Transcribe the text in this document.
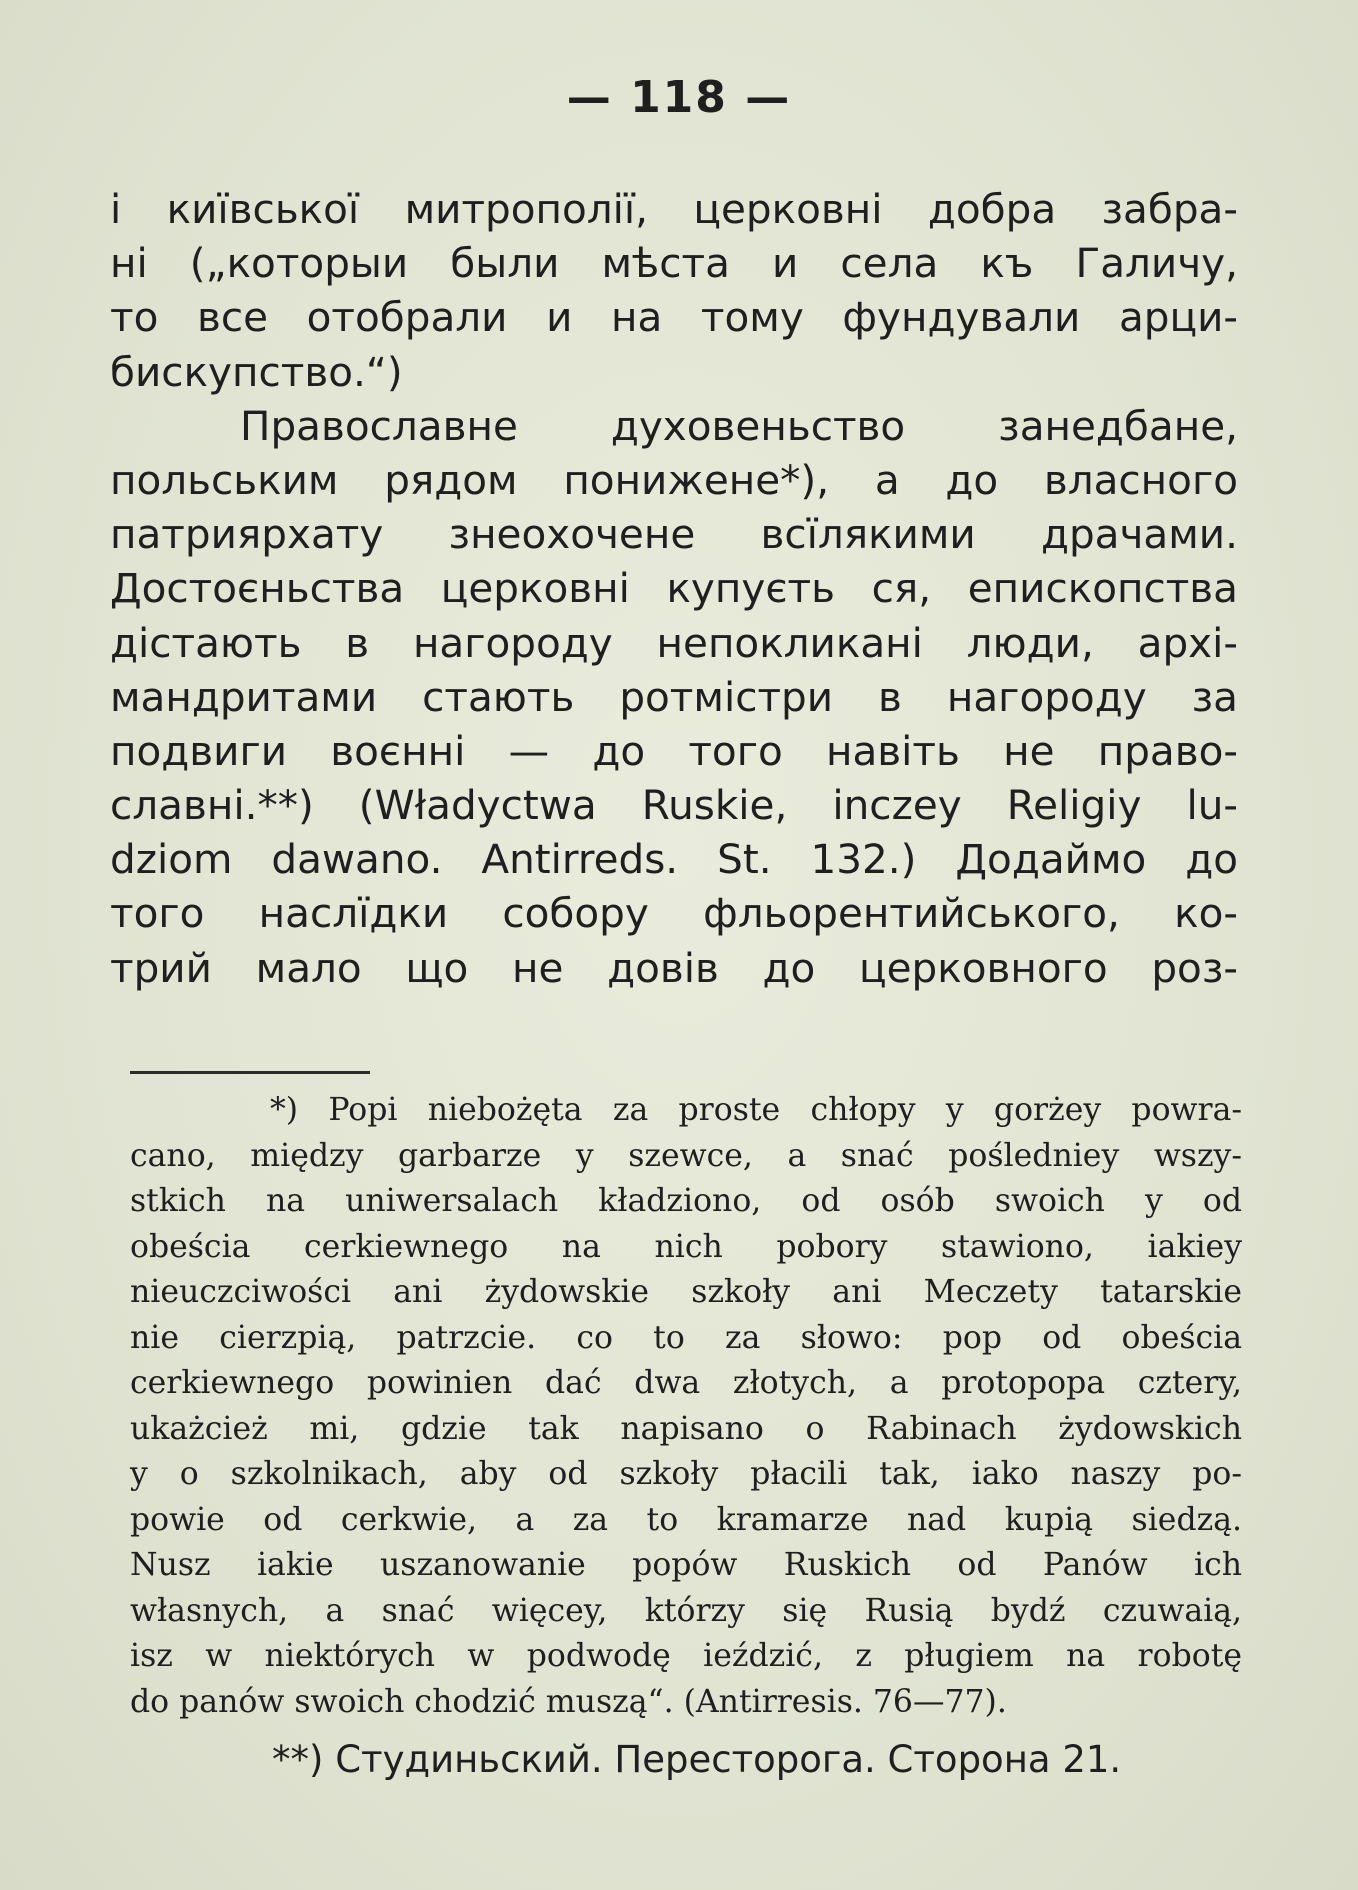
— 118 —
і київської митрополії, церковні добра забра-
ні („которыи были мѣста и села къ Галичу,
то все отобрали и на тому фундували арци-
бискупство.“)
Православне духовеньство занедбане,
польським рядом понижене*), а до власного
патриярхату знеохочене всїлякими драчами.
Достоєньства церковні купуєть ся, епископства
дістають в нагороду непокликані люди, архі-
мандритами стають ротмістри в нагороду за
подвиги воєнні — до того навіть не право-
славні.**) (Władyctwa Ruskie, inczey Religiy lu-
dziom dawano. Antirreds. St. 132.) Додаймо до
того наслїдки собору фльорентийського, ко-
трий мало що не довів до церковного роз-
*) Popi niebożęta za proste chłopy y gorżey powra-
cano, między garbarze y szewce, a snać pośledniey wszy-
stkich na uniwersalach kładziono, od osób swoich y od
obeścia cerkiewnego na nich pobory stawiono, iakiey
nieuczciwości ani żydowskie szkoły ani Meczety tatarskie
nie cierzpią, patrzcie. co to za słowo: pop od obeścia
cerkiewnego powinien dać dwa złotych, a protopopa cztery,
ukażcież mi, gdzie tak napisano o Rabinach żydowskich
y o szkolnikach, aby od szkoły płacili tak, iako naszy po-
powie od cerkwie, a za to kramarze nad kupią siedzą.
Nusz iakie uszanowanie popów Ruskich od Panów ich
własnych, a snać więcey, którzy się Rusią bydź czuwaią,
isz w niektórych w podwodę ieździć, z pługiem na robotę
do panów swoich chodzić muszą“. (Antirresis. 76—77).
**) Студиньский. Пересторога. Сторона 21.
